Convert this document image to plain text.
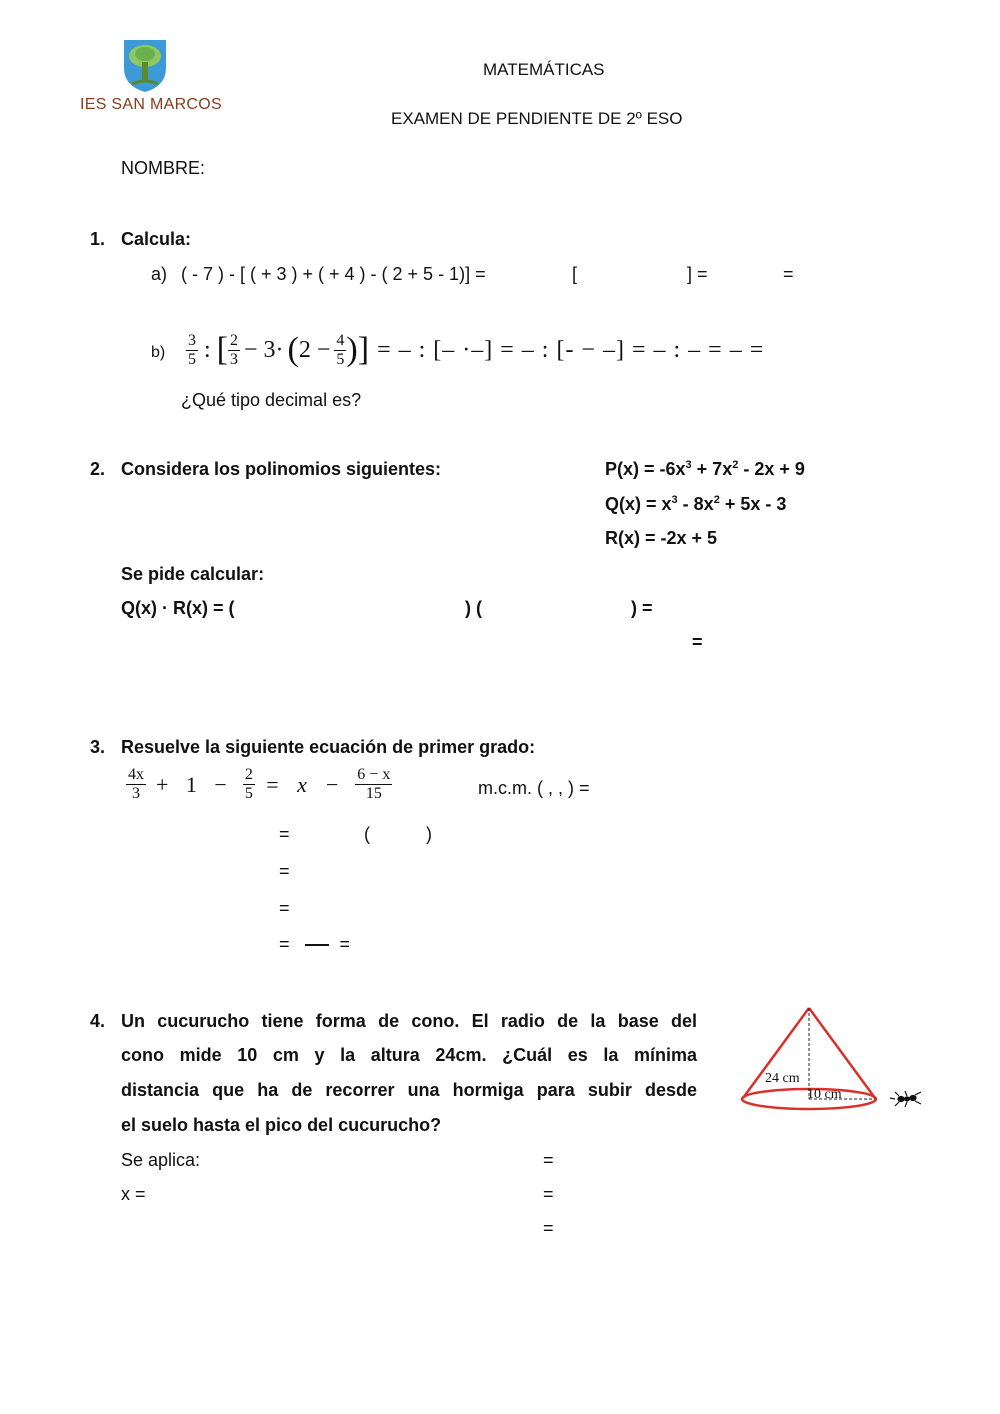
IES SAN MARCOS
MATEMÁTICAS
EXAMEN DE PENDIENTE DE 2º ESO
NOMBRE:
1. Calcula:
a) ( - 7 ) - [ ( + 3 ) + ( + 4 ) - ( 2 + 5 - 1)] =	[	] =	=
$b) \frac{3}{5}$ : [ $\frac{2}{3} - 3\cdot$ ( $2 - \frac{4}{5}$ )] = ‒ : [‒ ·‒] = ‒ : [- − ‒] = ‒ : ‒ = ‒ =
¿Qué tipo decimal es?
2. Considera los polinomios siguientes:	$P(x) = -6x^3 + 7x^2 - 2x + 9$
$Q(x) = x^3 - 8x^2 + 5x - 3$
R(x) = -2x + 5
Se pide calcular:
Q(x) · R(x) = (	) (	) =
=
3. Resuelve la siguiente ecuación de primer grado:
$\frac{4x}{3} + 1 - \frac{2}{5} = x - \frac{6 - x}{15}$	m.c.m. ( , , ) =
=	(	)
=
=
=	=
4. Un cucurucho tiene forma de cono. El radio de la base del
cono mide 10 cm y la altura 24cm. ¿Cuál es la mínima
distancia que ha de recorrer una hormiga para subir desde
el suelo hasta el pico del cucurucho?
Se aplica:
x =
=
=
=
24 cm
10 cm
